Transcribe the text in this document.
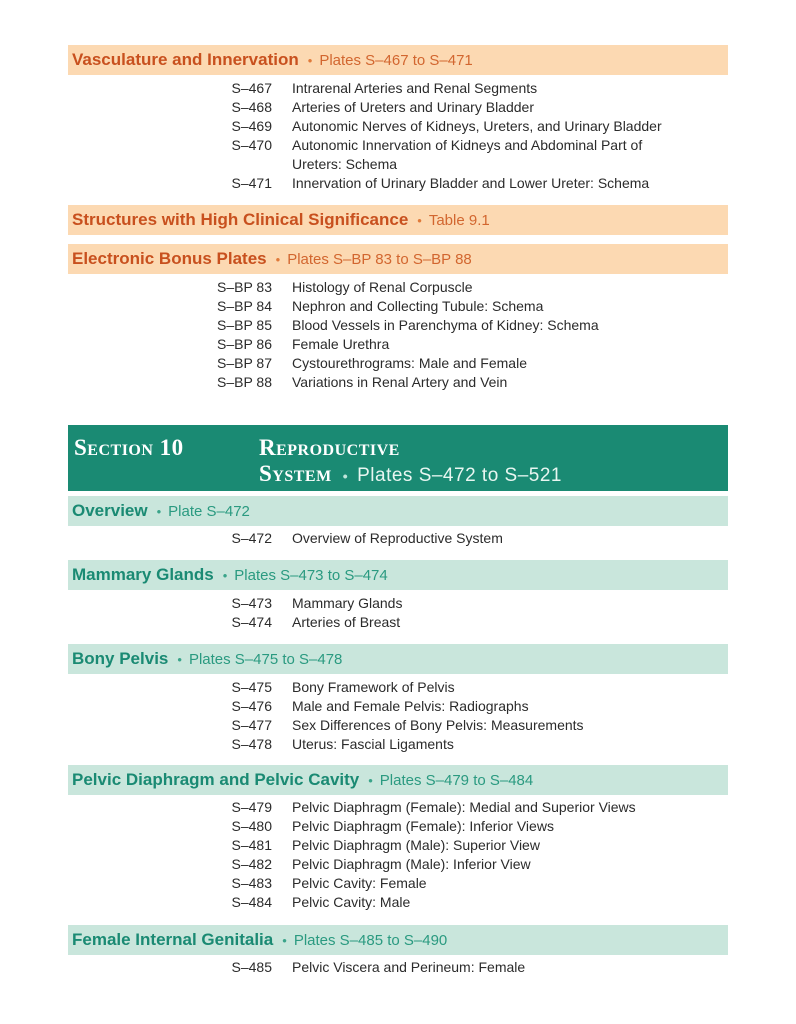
Vasculature and Innervation • Plates S–467 to S–471
S–467	Intrarenal Arteries and Renal Segments
S–468	Arteries of Ureters and Urinary Bladder
S–469	Autonomic Nerves of Kidneys, Ureters, and Urinary Bladder
S–470	Autonomic Innervation of Kidneys and Abdominal Part of
Ureters: Schema
S–471	Innervation of Urinary Bladder and Lower Ureter: Schema
Structures with High Clinical Significance • Table 9.1
Electronic Bonus Plates • Plates S–BP 83 to S–BP 88
S–BP 83	Histology of Renal Corpuscle
S–BP 84	Nephron and Collecting Tubule: Schema
S–BP 85	Blood Vessels in Parenchyma of Kidney: Schema
S–BP 86	Female Urethra
S–BP 87	Cystourethrograms: Male and Female
S–BP 88	Variations in Renal Artery and Vein
Section 10	Reproductive
System • Plates S–472 to S–521
Overview • Plate S–472
S–472	Overview of Reproductive System
Mammary Glands • Plates S–473 to S–474
S–473	Mammary Glands
S–474	Arteries of Breast
Bony Pelvis • Plates S–475 to S–478
S–475	Bony Framework of Pelvis
S–476	Male and Female Pelvis: Radiographs
S–477	Sex Differences of Bony Pelvis: Measurements
S–478	Uterus: Fascial Ligaments
Pelvic Diaphragm and Pelvic Cavity • Plates S–479 to S–484
S–479	Pelvic Diaphragm (Female): Medial and Superior Views
S–480	Pelvic Diaphragm (Female): Inferior Views
S–481	Pelvic Diaphragm (Male): Superior View
S–482	Pelvic Diaphragm (Male): Inferior View
S–483	Pelvic Cavity: Female
S–484	Pelvic Cavity: Male
Female Internal Genitalia • Plates S–485 to S–490
S–485	Pelvic Viscera and Perineum: Female
